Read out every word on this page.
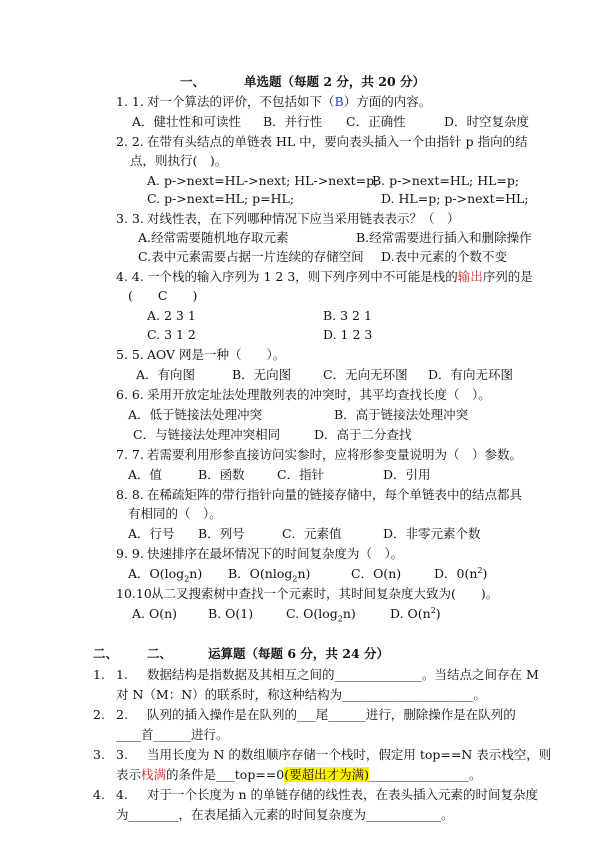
一、	单选题（每题 2 分，共 20 分）
1. 1. 对一个算法的评价，不包括如下（B）方面的内容。
A．健壮性和可读性 B．并行性 C．正确性	D．时空复杂度
2. 2. 在带有头结点的单链表 HL 中，要向表头插入一个由指针 p 指向的结
点，则执行(　)。
A. p->next=HL->next; HL->next=p;
B. p->next=HL; HL=p;
C. p->next=HL; p=HL;	D. HL=p; p->next=HL;
3. 3. 对线性表，在下列哪种情况下应当采用链表表示？（　）
A.经常需要随机地存取元素	B.经常需要进行插入和删除操作
C.表中元素需要占据一片连续的存储空间 D.表中元素的个数不变
4. 4. 一个栈的输入序列为 1 2 3，则下列序列中不可能是栈的输出序列的是
(　　C　　)
A. 2 3 1	B. 3 2 1
C. 3 1 2	D. 1 2 3
5. 5. AOV 网是一种（　　）。
A．有向图	B．无向图	C．无向无环图 D．有向无环图
6. 6. 采用开放定址法处理散列表的冲突时，其平均查找长度（　）。
A．低于链接法处理冲突	B．高于链接法处理冲突
C．与链接法处理冲突相同	D．高于二分查找
7. 7. 若需要利用形参直接访问实参时，应将形参变量说明为（　）参数。
A．值	B．函数	C．指针	D．引用
8. 8. 在稀疏矩阵的带行指针向量的链接存储中，每个单链表中的结点都具
有相同的（　）。
A．行号 B．列号	C．元素值	D．非零元素个数
9. 9. 快速排序在最坏情况下的时间复杂度为（　）。
A．$O(\log_2n)$ B．O(nlog$_2$n)	C．O(n)	D．$0(n^2)$
10.10.
从二叉搜索树中查找一个元素时，其时间复杂度大致为(　　)。
A. O(n) B. O(1)	C. $O(\log_2n)$	D. $O(n^2)$
二、 二、	运算题（每题 6 分，共 24 分）
1. 1. 数据结构是指数据及其相互之间的______________。当结点之间存在 M
对 N（M：N）的联系时，称这种结构为_____________________。
2. 2. 队列的插入操作是在队列的___尾______进行，删除操作是在队列的
____首______进行。
3. 3. 当用长度为 N 的数组顺序存储一个栈时，假定用 top==N 表示栈空，则
表示栈满的条件是___top==0(要超出才为满)________________。
4. 4. 对于一个长度为 n 的单链存储的线性表，在表头插入元素的时间复杂度
为________，在表尾插入元素的时间复杂度为____________。
